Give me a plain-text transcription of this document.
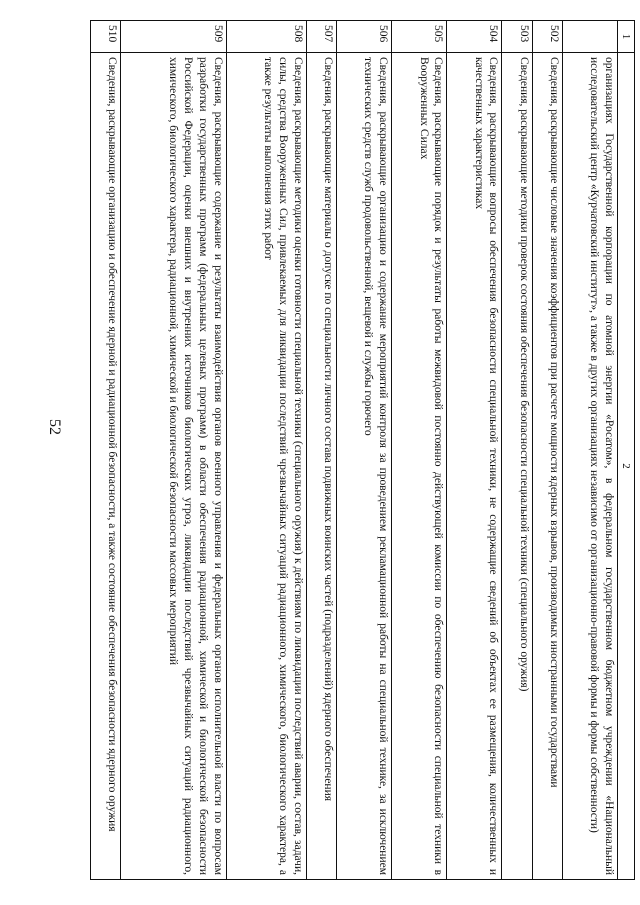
52
1	2
	организациях Государственной корпорации по атомной энергии «Росатом», в федеральном государственном бюджетном учреждении «Национальный исследовательский центр «Курчатовский институт», а также в других организациях независимо от организационно-правовой формы и формы собственности)
502	Сведения, раскрывающие числовые значения коэффициентов при расчете мощности ядерных взрывов, производимых иностранными государствами
503	Сведения, раскрывающие методики проверок состояния обеспечения безопасности специальной техники (специального оружия)
504	Сведения, раскрывающие вопросы обеспечения безопасности специальной техники, не содержащие сведений об объектах ее размещения, количественных и качественных характеристиках
505	Сведения, раскрывающие порядок и результаты работы межвидовой постоянно действующей комиссии по обеспечению безопасности специальной техники в Вооруженных Силах
506	Сведения, раскрывающие организацию и содержание мероприятий контроля за проведением рекламационной работы на специальной технике, за исключением технических средств служб продовольственной, вещевой и службы горючего
507	Сведения, раскрывающие материалы о допуске по специальности личного состава подвижных воинских частей (подразделений) ядерного обеспечения
508	Сведения, раскрывающие методики оценки готовности специальной техники (специального оружия) к действиям по ликвидации последствий аварии, состав, задачи, силы, средства Вооруженных Сил, привлекаемых для ликвидации последствий чрезвычайных ситуаций радиационного, химического, биологического характера, а также результаты выполнения этих работ
509	Сведения, раскрывающие содержание и результаты взаимодействия органов военного управления и федеральных органов исполнительной власти по вопросам разработки государственных программ (федеральных целевых программ) в области обеспечения радиационной, химической и биологической безопасности Российской Федерации, оценки внешних и внутренних источников биологических угроз, ликвидации последствий чрезвычайных ситуаций радиационного, химического, биологического характера, радиационной, химической и биологической безопасности массовых мероприятий
510	Сведения, раскрывающие организацию и обеспечение ядерной и радиационной безопасности, а также состояние обеспечения безопасности ядерного оружия
